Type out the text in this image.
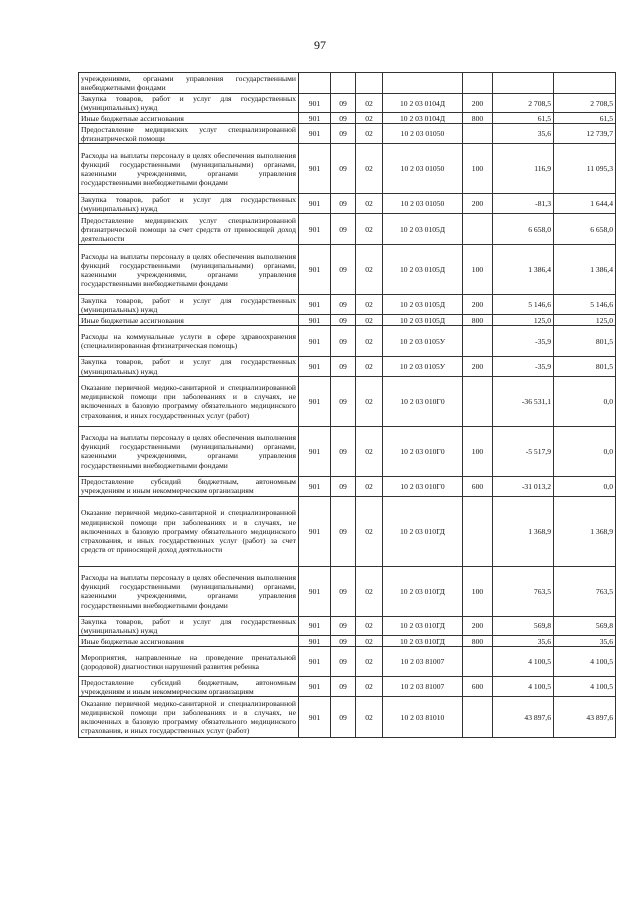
97
учреждениями, органами управления государственными внебюджетными фондами							
Закупка товаров, работ и услуг для государственных (муниципальных) нужд	901	09	02	10 2 03 0104Д	200	2 708,5	2 708,5
Иные бюджетные ассигнования	901	09	02	10 2 03 0104Д	800	61,5	61,5
Предоставление медицинских услуг специализированной фтизиатрической помощи	901	09	02	10 2 03 01050		35,6	12 739,7
Расходы на выплаты персоналу в целях обеспечения выполнения функций государственными (муниципальными) органами, казенными учреждениями, органами управления государственными внебюджетными фондами	901	09	02	10 2 03 01050	100	116,9	11 095,3
Закупка товаров, работ и услуг для государственных (муниципальных) нужд	901	09	02	10 2 03 01050	200	-81,3	1 644,4
Предоставление медицинских услуг специализированной фтизиатрической помощи за счет средств от приносящей доход деятельности	901	09	02	10 2 03 0105Д		6 658,0	6 658,0
Расходы на выплаты персоналу в целях обеспечения выполнения функций государственными (муниципальными) органами, казенными учреждениями, органами управления государственными внебюджетными фондами	901	09	02	10 2 03 0105Д	100	1 386,4	1 386,4
Закупка товаров, работ и услуг для государственных (муниципальных) нужд	901	09	02	10 2 03 0105Д	200	5 146,6	5 146,6
Иные бюджетные ассигнования	901	09	02	10 2 03 0105Д	800	125,0	125,0
Расходы на коммунальные услуги в сфере здравоохранения (специализированная фтизиатрическая помощь)	901	09	02	10 2 03 0105У		-35,9	801,5
Закупка товаров, работ и услуг для государственных (муниципальных) нужд	901	09	02	10 2 03 0105У	200	-35,9	801,5
Оказание первичной медико-санитарной и специализированной медицинской помощи при заболеваниях и в случаях, не включенных в базовую программу обязательного медицинского страхования, и иных государственных услуг (работ)	901	09	02	10 2 03 010Г0		-36 531,1	0,0
Расходы на выплаты персоналу в целях обеспечения выполнения функций государственными (муниципальными) органами, казенными учреждениями, органами управления государственными внебюджетными фондами	901	09	02	10 2 03 010Г0	100	-5 517,9	0,0
Предоставление субсидий бюджетным, автономным учреждениям и иным некоммерческим организациям	901	09	02	10 2 03 010Г0	600	-31 013,2	0,0
Оказание первичной медико-санитарной и специализированной медицинской помощи при заболеваниях и в случаях, не включенных в базовую программу обязательного медицинского страхования, и иных государственных услуг (работ) за счет средств от приносящей доход деятельности	901	09	02	10 2 03 010ГД		1 368,9	1 368,9
Расходы на выплаты персоналу в целях обеспечения выполнения функций государственными (муниципальными) органами, казенными учреждениями, органами управления государственными внебюджетными фондами	901	09	02	10 2 03 010ГД	100	763,5	763,5
Закупка товаров, работ и услуг для государственных (муниципальных) нужд	901	09	02	10 2 03 010ГД	200	569,8	569,8
Иные бюджетные ассигнования	901	09	02	10 2 03 010ГД	800	35,6	35,6
Мероприятия, направленные на проведение пренатальной (дородовой) диагностики нарушений развития ребенка	901	09	02	10 2 03 81007		4 100,5	4 100,5
Предоставление субсидий бюджетным, автономным учреждениям и иным некоммерческим организациям	901	09	02	10 2 03 81007	600	4 100,5	4 100,5
Оказание первичной медико-санитарной и специализированной медицинской помощи при заболеваниях и в случаях, не включенных в базовую программу обязательного медицинского страхования, и иных государственных услуг (работ)	901	09	02	10 2 03 81010		43 897,6	43 897,6
